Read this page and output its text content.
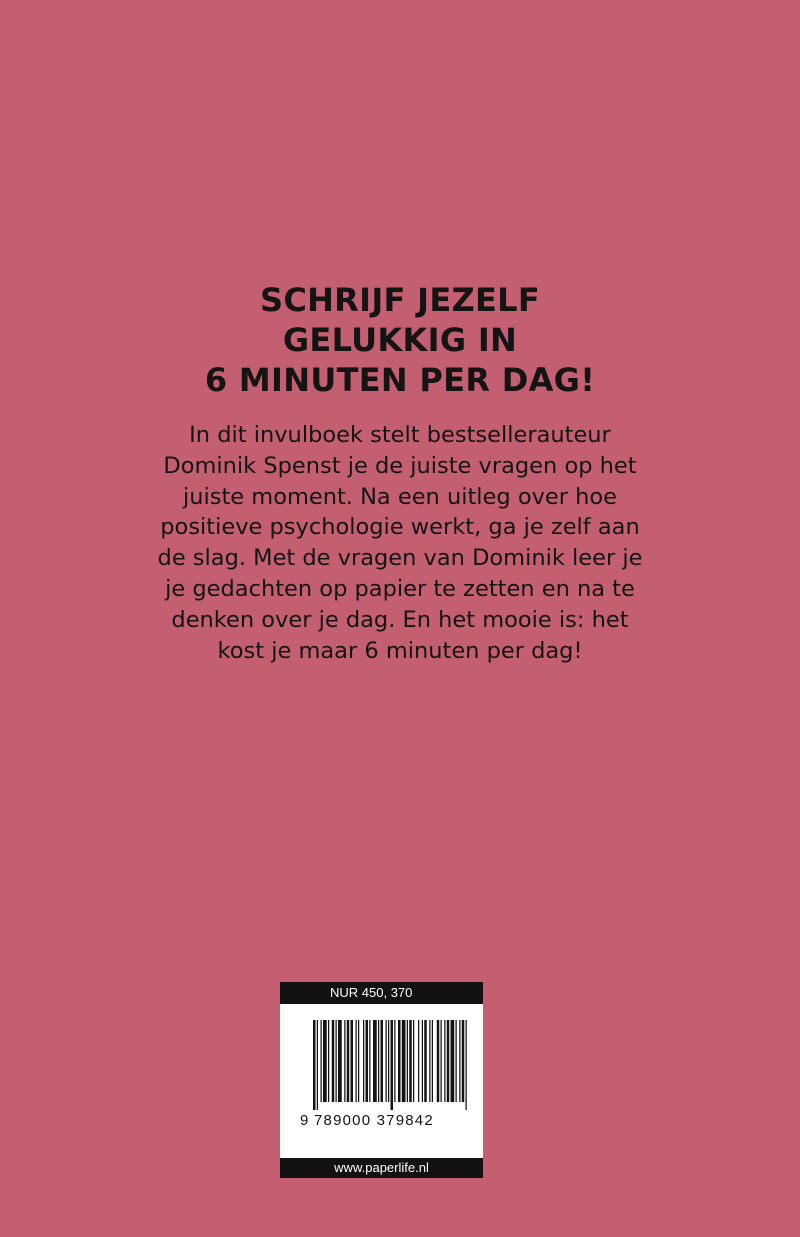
SCHRIJF JEZELF
GELUKKIG IN
6 MINUTEN PER DAG!
In dit invulboek stelt bestsellerauteur
Dominik Spenst je de juiste vragen op het
juiste moment. Na een uitleg over hoe
positieve psychologie werkt, ga je zelf aan
de slag. Met de vragen van Dominik leer je
je gedachten op papier te zetten en na te
denken over je dag. En het mooie is: het
kost je maar 6 minuten per dag!
NUR 450, 370
9 789000 379842
www.paperlife.nl
